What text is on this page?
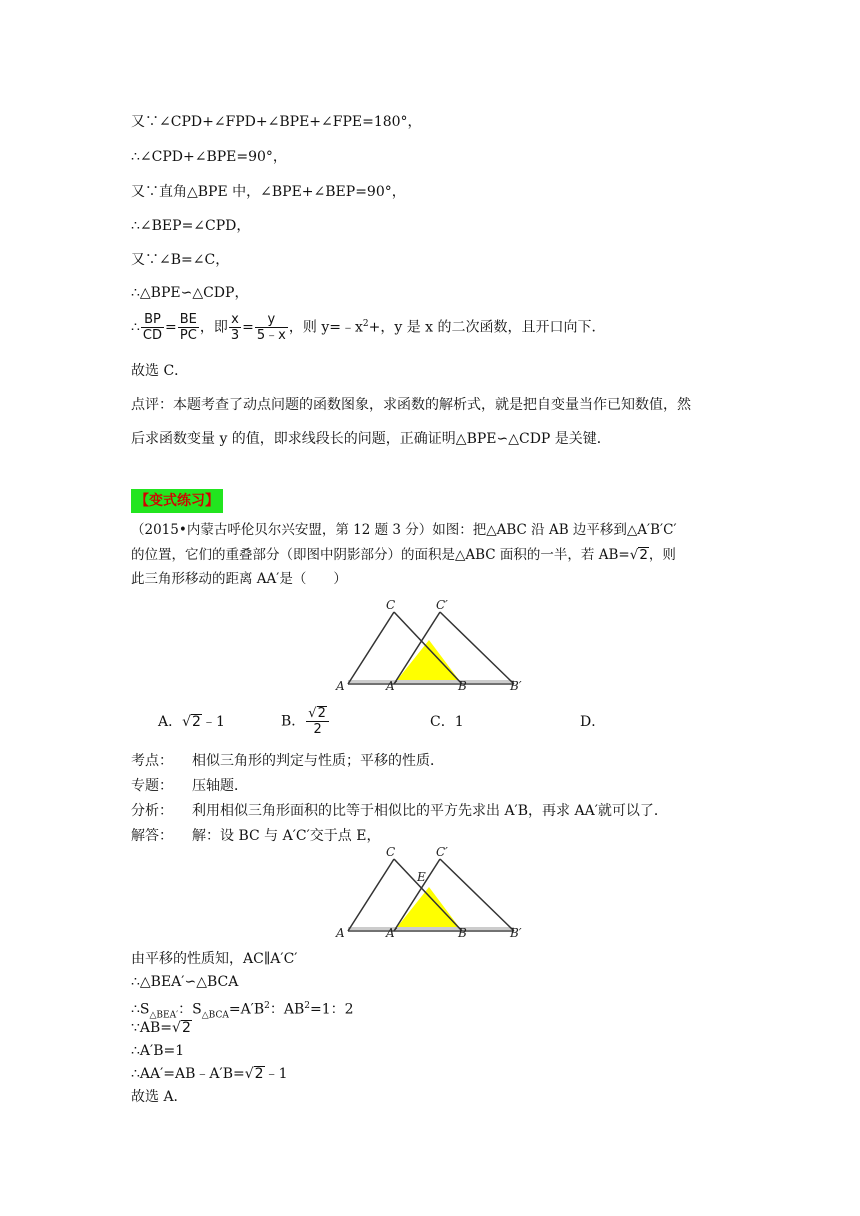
又∵∠CPD+∠FPD+∠BPE+∠FPE=180°，
∴∠CPD+∠BPE=90°，
又∵直角△BPE 中，∠BPE+∠BEP=90°，
∴∠BEP=∠CPD，
又∵∠B=∠C，
∴△BPE∽△CDP，
∴ $\frac{BP}{CD} = \frac{BE}{PC}$ ，即 $\frac{x}{3} = \frac{y}{5﹣x}$ ，则 $y=﹣x^2+$，y 是 x 的二次函数，且开口向下．
故选 C．
点评：本题考查了动点问题的函数图象，求函数的解析式，就是把自变量当作已知数值，然
后求函数变量 y 的值，即求线段长的问题，正确证明△BPE∽△CDP 是关键．
【变式练习】
（2015•内蒙古呼伦贝尔兴安盟，第 12 题 3 分）如图：把△ABC 沿 AB 边平移到△A′B′C′
的位置，它们的重叠部分（即图中阴影部分）的面积是△ABC 面积的一半，若 AB=√2，则
此三角形移动的距离 AA′是（　　）
C	C′
A	A′	B	B′
A．√2﹣1	B． $\frac{√2}{2}$	C．1	D．
考点： 相似三角形的判定与性质；平移的性质．
专题： 压轴题．
分析： 利用相似三角形面积的比等于相似比的平方先求出 A′B，再求 AA′就可以了．
解答： 解：设 BC 与 A′C′交于点 E，
C	C′
E
A	A′	B	B′
由平移的性质知，AC∥A′C′
∴△BEA′∽△BCA
$\therefore S_{\triangle BEA'}$：$S_{\triangle BCA}=A'B^2$：$AB^2=1$：2
∵AB=√2
∴A′B=1
∴AA′=AB﹣A′B=√2﹣1
故选 A．
